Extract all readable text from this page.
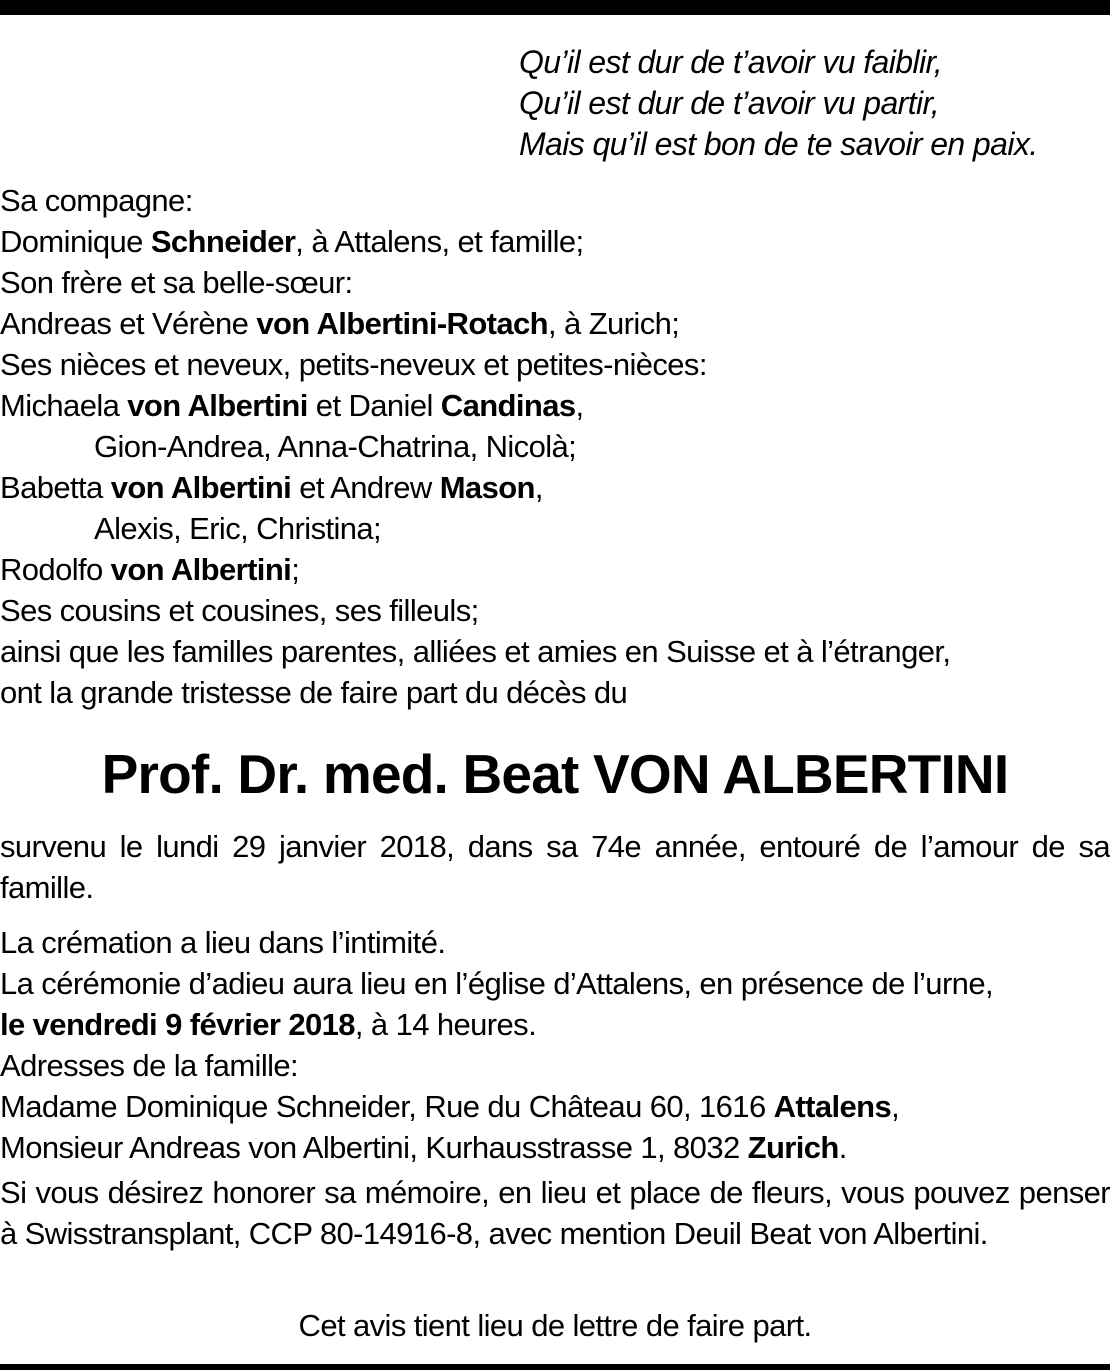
Qu’il est dur de t’avoir vu faiblir,
Qu’il est dur de t’avoir vu partir,
Mais qu’il est bon de te savoir en paix.
Sa compagne:
Dominique Schneider, à Attalens, et famille;
Son frère et sa belle-sœur:
Andreas et Vérène von Albertini-Rotach, à Zurich;
Ses nièces et neveux, petits-neveux et petites-nièces:
Michaela von Albertini et Daniel Candinas,
Gion-Andrea, Anna-Chatrina, Nicolà;
Babetta von Albertini et Andrew Mason,
Alexis, Eric, Christina;
Rodolfo von Albertini;
Ses cousins et cousines, ses filleuls;
ainsi que les familles parentes, alliées et amies en Suisse et à l’étranger,
ont la grande tristesse de faire part du décès du
Prof. Dr. med. Beat VON ALBERTINI
survenu le lundi 29 janvier 2018, dans sa 74e année, entouré de l’amour de sa famille.
La crémation a lieu dans l’intimité.
La cérémonie d’adieu aura lieu en l’église d’Attalens, en présence de l’urne,
le vendredi 9 février 2018, à 14 heures.
Adresses de la famille:
Madame Dominique Schneider, Rue du Château 60, 1616 Attalens,
Monsieur Andreas von Albertini, Kurhausstrasse 1, 8032 Zurich.
Si vous désirez honorer sa mémoire, en lieu et place de fleurs, vous pouvez penser à Swisstransplant, CCP 80-14916-8, avec mention Deuil Beat von Albertini.
Cet avis tient lieu de lettre de faire part.
